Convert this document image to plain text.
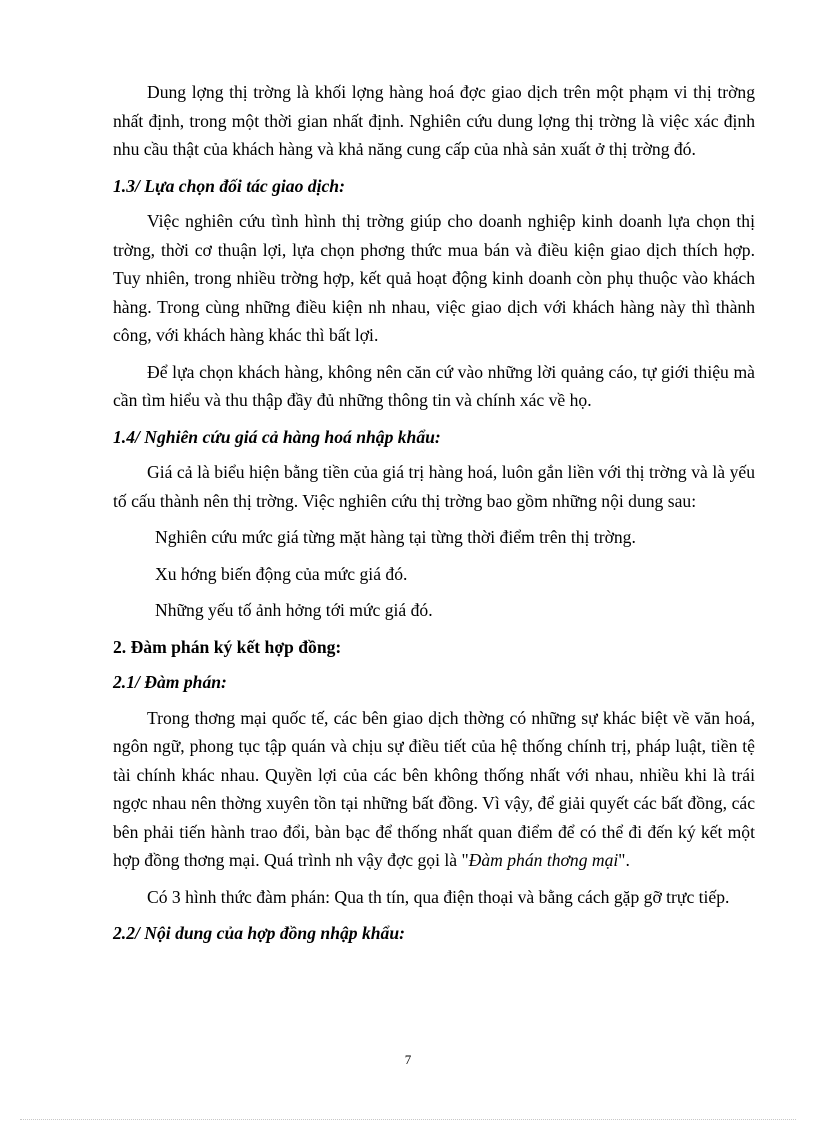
Dung lợng thị trờng là khối lợng hàng hoá đợc giao dịch trên một phạm vi thị trờng nhất định, trong một thời gian nhất định. Nghiên cứu dung lợng thị trờng là việc xác định nhu cầu thật của khách hàng và khả năng cung cấp của nhà sản xuất ở thị trờng đó.

1.3/ Lựa chọn đối tác giao dịch:

Việc nghiên cứu tình hình thị trờng giúp cho doanh nghiệp kinh doanh lựa chọn thị trờng, thời cơ thuận lợi, lựa chọn phơng thức mua bán và điều kiện giao dịch thích hợp. Tuy nhiên, trong nhiều trờng hợp, kết quả hoạt động kinh doanh còn phụ thuộc vào khách hàng. Trong cùng những điều kiện nh nhau, việc giao dịch với khách hàng này thì thành công, với khách hàng khác thì bất lợi.

Để lựa chọn khách hàng, không nên căn cứ vào những lời quảng cáo, tự giới thiệu mà cần tìm hiểu và thu thập đầy đủ những thông tin và chính xác về họ.

1.4/ Nghiên cứu giá cả hàng hoá nhập khẩu:

Giá cả là biểu hiện bằng tiền của giá trị hàng hoá, luôn gắn liền với thị trờng và là yếu tố cấu thành nên thị trờng. Việc nghiên cứu thị trờng bao gồm những nội dung sau:

Nghiên cứu mức giá từng mặt hàng tại từng thời điểm trên thị trờng.

Xu hớng biến động của mức giá đó.

Những yếu tố ảnh hởng tới mức giá đó.

2. Đàm phán ký kết hợp đồng:

2.1/ Đàm phán:

Trong thơng mại quốc tế, các bên giao dịch thờng có những sự khác biệt về văn hoá, ngôn ngữ, phong tục tập quán và chịu sự điều tiết của hệ thống chính trị, pháp luật, tiền tệ tài chính khác nhau. Quyền lợi của các bên không thống nhất với nhau, nhiều khi là trái ngợc nhau nên thờng xuyên tồn tại những bất đồng. Vì vậy, để giải quyết các bất đồng, các bên phải tiến hành trao đổi, bàn bạc để thống nhất quan điểm để có thể đi đến ký kết một hợp đồng thơng mại. Quá trình nh vậy đợc gọi là "Đàm phán thơng mại".

Có 3 hình thức đàm phán: Qua th tín, qua điện thoại và bằng cách gặp gỡ trực tiếp.

2.2/ Nội dung của hợp đồng nhập khẩu:

7
